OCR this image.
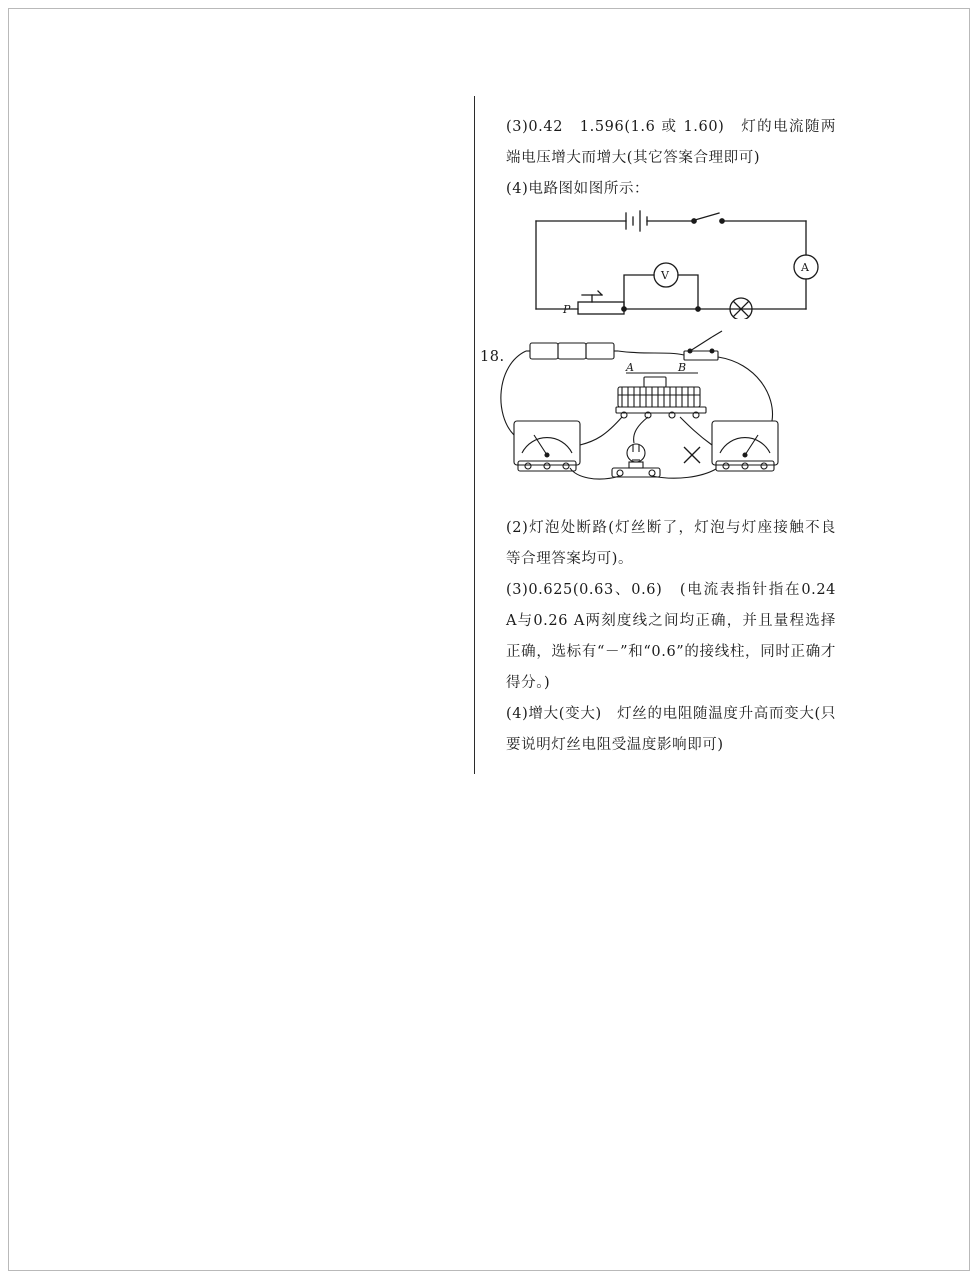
18.

(3)0.42　1.596(1.6 或 1.60)　灯的电流随两端电压增大而增大(其它答案合理即可)

(4)电路图如图所示：

A
V
P
A	B

(2)灯泡处断路(灯丝断了，灯泡与灯座接触不良等合理答案均可)。

(3)0.625(0.63、0.6)　(电流表指针指在0.24 A与0.26 A两刻度线之间均正确，并且量程选择正确，选标有“－”和“0.6”的接线柱，同时正确才得分。)

(4)增大(变大)　灯丝的电阻随温度升高而变大(只要说明灯丝电阻受温度影响即可)
